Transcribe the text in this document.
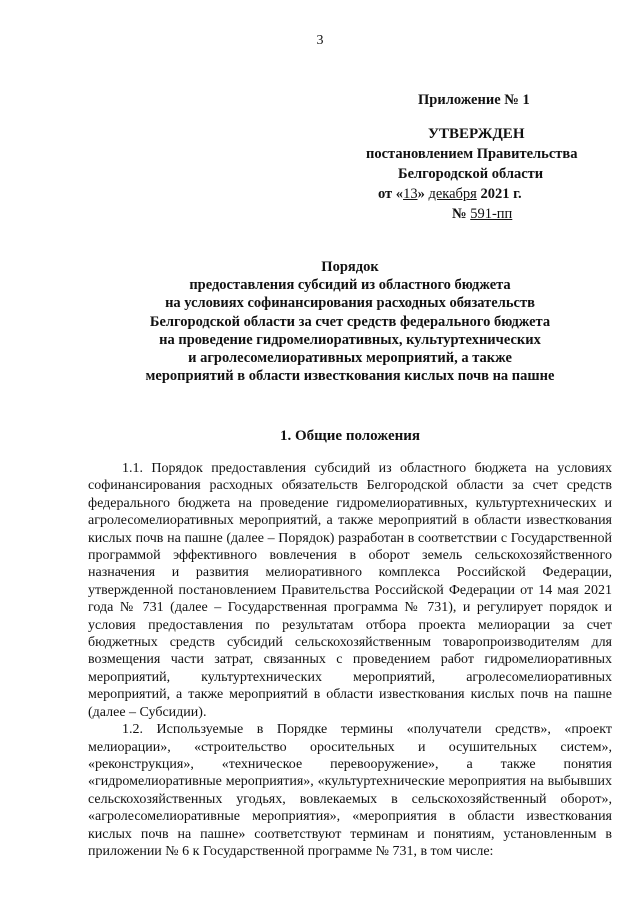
3
Приложение № 1
УТВЕРЖДЕН
постановлением Правительства
Белгородской области
от «13» декабря 2021 г.
№ 591-пп
Порядок
предоставления субсидий из областного бюджета
на условиях софинансирования расходных обязательств
Белгородской области за счет средств федерального бюджета
на проведение гидромелиоративных, культуртехнических
и агролесомелиоративных мероприятий, а также
мероприятий в области известкования кислых почв на пашне
1. Общие положения

1.1. Порядок предоставления субсидий из областного бюджета на условиях софинансирования расходных обязательств Белгородской области за счет средств федерального бюджета на проведение гидромелиоративных, культуртехнических и агролесомелиоративных мероприятий, а также мероприятий в области известкования кислых почв на пашне (далее – Порядок) разработан в соответствии с Государственной программой эффективного вовлечения в оборот земель сельскохозяйственного назначения и развития мелиоративного комплекса Российской Федерации, утвержденной постановлением Правительства Российской Федерации от 14 мая 2021 года № 731 (далее – Государственная программа № 731), и регулирует порядок и условия предоставления по результатам отбора проекта мелиорации за счет бюджетных средств субсидий сельскохозяйственным товаропроизводителям для возмещения части затрат, связанных с проведением работ гидромелиоративных мероприятий, культуртехнических мероприятий, агролесомелиоративных мероприятий, а также мероприятий в области известкования кислых почв на пашне (далее – Субсидии).

1.2. Используемые в Порядке термины «получатели средств», «проект мелиорации», «строительство оросительных и осушительных систем», «реконструкция», «техническое перевооружение», а также понятия «гидромелиоративные мероприятия», «культуртехнические мероприятия на выбывших сельскохозяйственных угодьях, вовлекаемых в сельскохозяйственный оборот», «агролесомелиоративные мероприятия», «мероприятия в области известкования кислых почв на пашне» соответствуют терминам и понятиям, установленным в приложении № 6 к Государственной программе № 731, в том числе:
